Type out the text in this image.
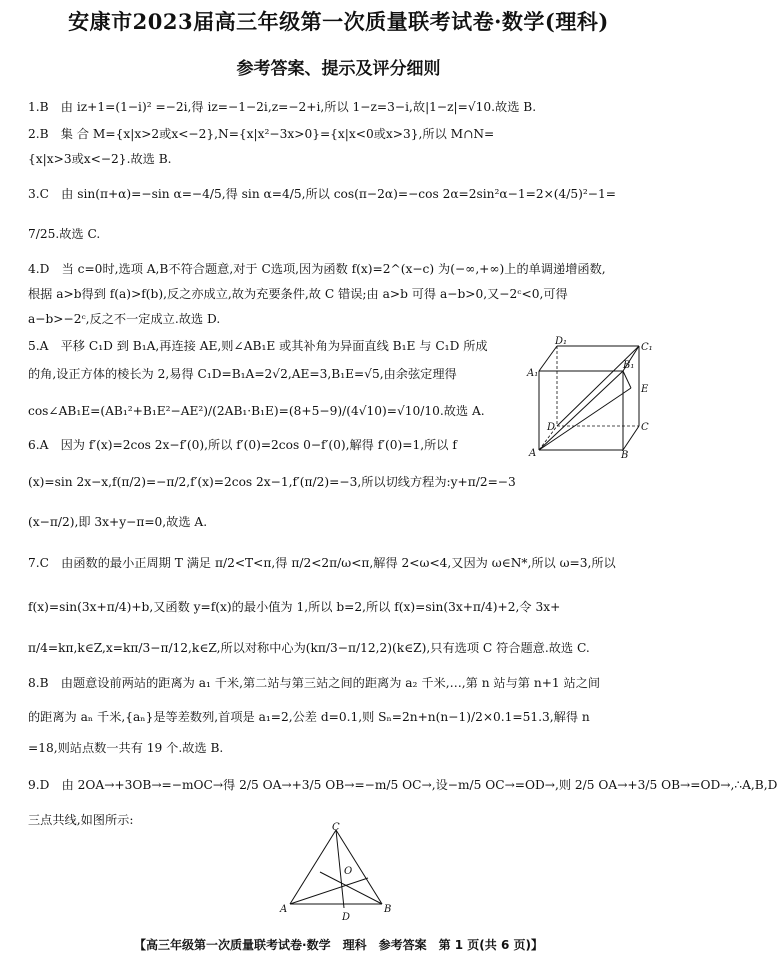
安康市2023届高三年级第一次质量联考试卷·数学(理科)
参考答案、提示及评分细则
1.B　由 iz+1=(1−i)² =−2i,得 iz=−1−2i,z=−2+i,所以 1−z=3−i,故|1−z|=√10.故选 B.
2.B　集 合 M={x|x>2或x<−2},N={x|x²−3x>0}={x|x<0或x>3},所以 M∩N=
{x|x>3或x<−2}.故选 B.
3.C　由 sin(π+α)=−sin α=−4/5,得 sin α=4/5,所以 cos(π−2α)=−cos 2α=2sin²α−1=2×(4/5)²−1=
7/25.故选 C.
4.D　当 c=0时,选项 A,B不符合题意,对于 C选项,因为函数 f(x)=2^(x−c) 为(−∞,+∞)上的单调递增函数,
根据 a>b得到 f(a)>f(b),反之亦成立,故为充要条件,故 C 错误;由 a>b 可得 a−b>0,又−2ᶜ<0,可得
a−b>−2ᶜ,反之不一定成立.故选 D.
5.A　平移 C₁D 到 B₁A,再连接 AE,则∠AB₁E 或其补角为异面直线 B₁E 与 C₁D 所成
的角,设正方体的棱长为 2,易得 C₁D=B₁A=2√2,AE=3,B₁E=√5,由余弦定理得
cos∠AB₁E=(AB₁²+B₁E²−AE²)/(2AB₁·B₁E)=(8+5−9)/(4√10)=√10/10.故选 A.
D₁
C₁
A₁
B₁
E
D	C
A	B
6.A　因为 f′(x)=2cos 2x−f′(0),所以 f′(0)=2cos 0−f′(0),解得 f′(0)=1,所以 f
(x)=sin 2x−x,f(π/2)=−π/2,f′(x)=2cos 2x−1,f′(π/2)=−3,所以切线方程为:y+π/2=−3
(x−π/2),即 3x+y−π=0,故选 A.
7.C　由函数的最小正周期 T 满足 π/2<T<π,得 π/2<2π/ω<π,解得 2<ω<4,又因为 ω∈N*,所以 ω=3,所以
f(x)=sin(3x+π/4)+b,又函数 y=f(x)的最小值为 1,所以 b=2,所以 f(x)=sin(3x+π/4)+2,令 3x+
π/4=kπ,k∈Z,x=kπ/3−π/12,k∈Z,所以对称中心为(kπ/3−π/12,2)(k∈Z),只有选项 C 符合题意.故选 C.
8.B　由题意设前两站的距离为 a₁ 千米,第二站与第三站之间的距离为 a₂ 千米,…,第 n 站与第 n+1 站之间
的距离为 aₙ 千米,{aₙ}是等差数列,首项是 a₁=2,公差 d=0.1,则 Sₙ=2n+n(n−1)/2×0.1=51.3,解得 n
=18,则站点数一共有 19 个.故选 B.
9.D　由 2OA→+3OB→=−mOC→得 2/5 OA→+3/5 OB→=−m/5 OC→,设−m/5 OC→=OD→,则 2/5 OA→+3/5 OB→=OD→,∴A,B,D
三点共线,如图所示:
C
O
A
D
B
【高三年级第一次质量联考试卷·数学　理科　参考答案　第 1 页(共 6 页)】
